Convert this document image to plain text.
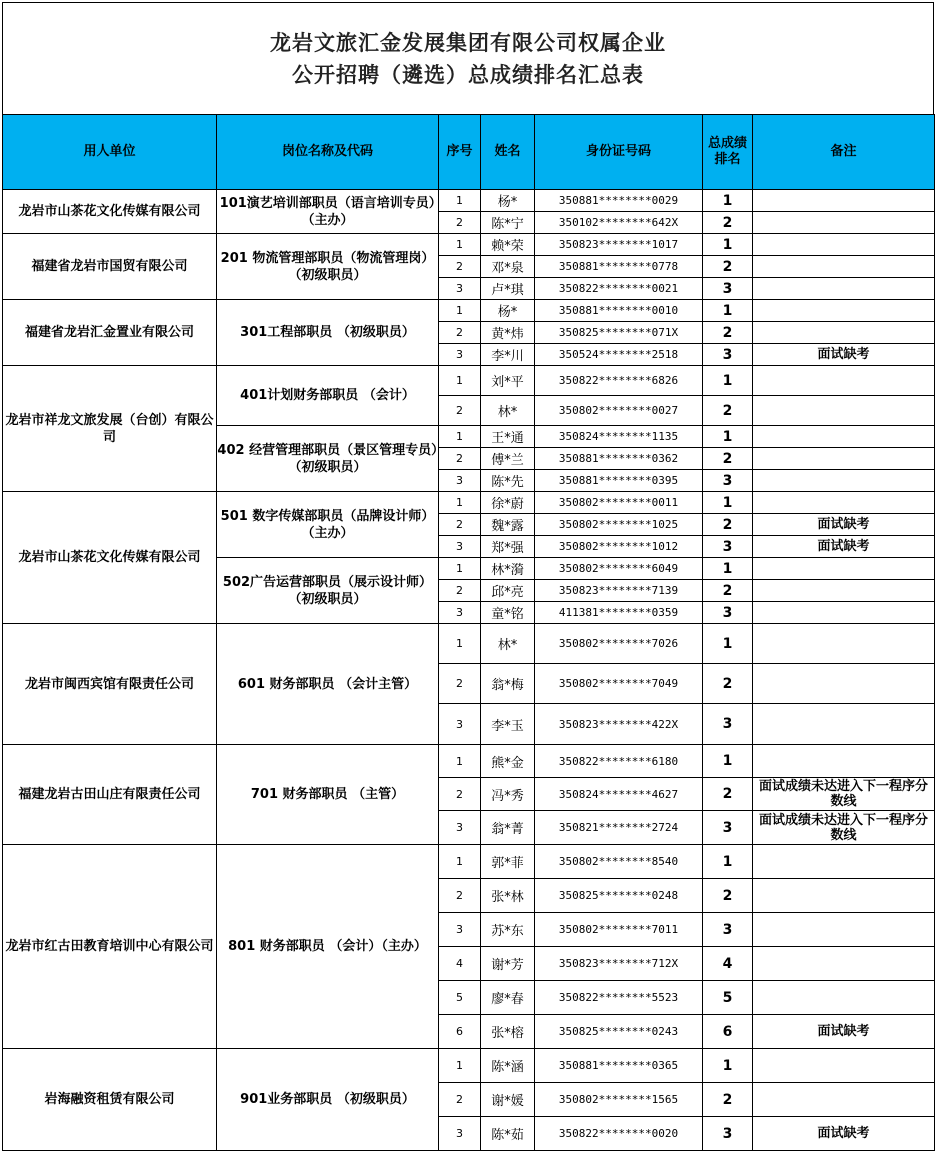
龙岩文旅汇金发展集团有限公司权属企业
公开招聘（遴选）总成绩排名汇总表
用人单位	岗位名称及代码	序号	姓名	身份证号码	总成绩排名	备注
龙岩市山茶花文化传媒有限公司	101演艺培训部职员（语言培训专员）（主办）	1	杨*	350881********0029	1	
		2	陈*宁	350102********642X	2	
福建省龙岩市国贸有限公司	201 物流管理部职员（物流管理岗）（初级职员）	1	赖*荣	350823********1017	1	
		2	邓*泉	350881********0778	2	
		3	卢*琪	350822********0021	3	
福建省龙岩汇金置业有限公司	301工程部职员 （初级职员）	1	杨*	350881********0010	1	
		2	黄*炜	350825********071X	2	
		3	李*川	350524********2518	3	面试缺考
龙岩市祥龙文旅发展（台创）有限公司	401计划财务部职员 （会计）	1	刘*平	350822********6826	1	
		2	林*	350802********0027	2	
	402 经营管理部职员（景区管理专员）（初级职员）	1	王*通	350824********1135	1	
		2	傅*兰	350881********0362	2	
		3	陈*先	350881********0395	3	
龙岩市山茶花文化传媒有限公司	501 数字传媒部职员（品牌设计师）（主办）	1	徐*蔚	350802********0011	1	
		2	魏*露	350802********1025	2	面试缺考
		3	郑*强	350802********1012	3	面试缺考
	502广告运营部职员（展示设计师）（初级职员）	1	林*漪	350802********6049	1	
		2	邱*亮	350823********7139	2	
		3	童*铭	411381********0359	3	
龙岩市闽西宾馆有限责任公司	601 财务部职员 （会计主管）	1	林*	350802********7026	1	
		2	翁*梅	350802********7049	2	
		3	李*玉	350823********422X	3	
福建龙岩古田山庄有限责任公司	701 财务部职员 （主管）	1	熊*金	350822********6180	1	
		2	冯*秀	350824********4627	2	面试成绩未达进入下一程序分数线
		3	翁*菁	350821********2724	3	面试成绩未达进入下一程序分数线
龙岩市红古田教育培训中心有限公司	801 财务部职员 （会计）（主办）	1	郭*菲	350802********8540	1	
		2	张*林	350825********0248	2	
		3	苏*东	350802********7011	3	
		4	谢*芳	350823********712X	4	
		5	廖*春	350822********5523	5	
		6	张*榕	350825********0243	6	面试缺考
岩海融资租赁有限公司	901业务部职员 （初级职员）	1	陈*涵	350881********0365	1	
		2	谢*媛	350802********1565	2	
		3	陈*茹	350822********0020	3	面试缺考
